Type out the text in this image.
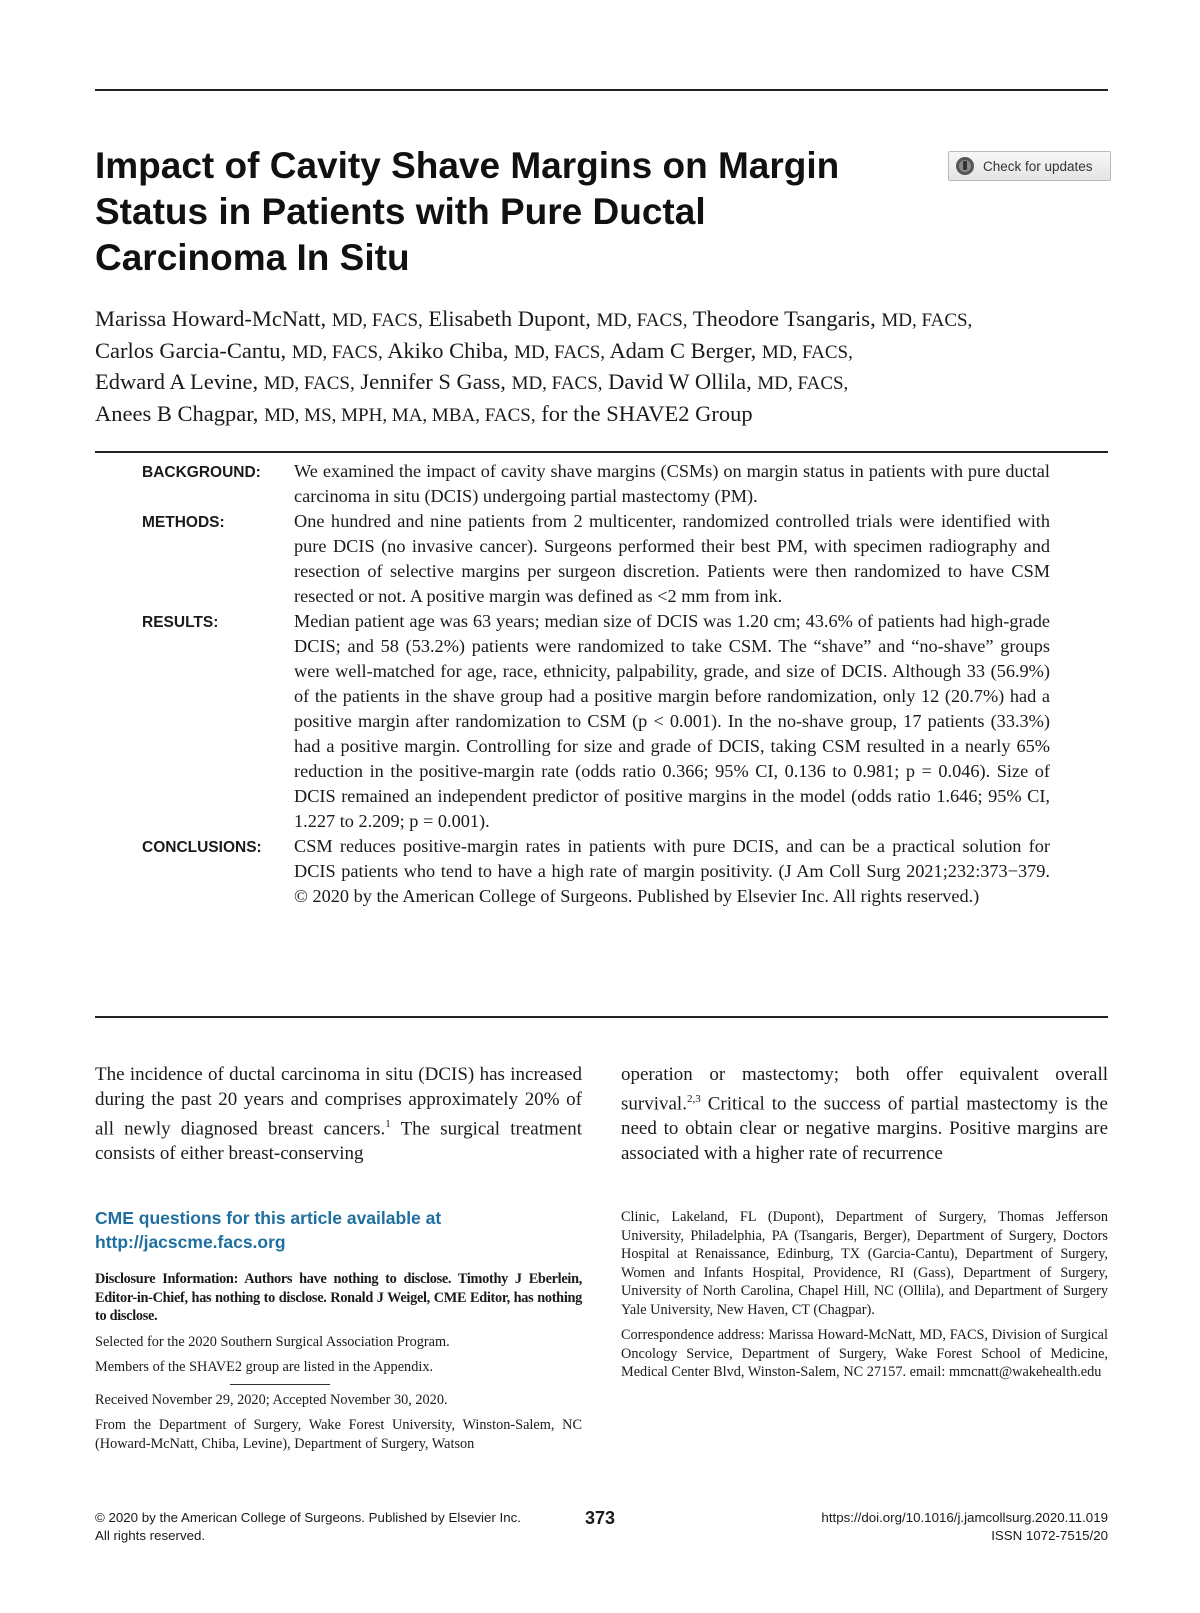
Impact of Cavity Shave Margins on Margin Status in Patients with Pure Ductal Carcinoma In Situ
Check for updates
Marissa Howard-McNatt, MD, FACS, Elisabeth Dupont, MD, FACS, Theodore Tsangaris, MD, FACS,
Carlos Garcia-Cantu, MD, FACS, Akiko Chiba, MD, FACS, Adam C Berger, MD, FACS,
Edward A Levine, MD, FACS, Jennifer S Gass, MD, FACS, David W Ollila, MD, FACS,
Anees B Chagpar, MD, MS, MPH, MA, MBA, FACS, for the SHAVE2 Group
BACKGROUND:	We examined the impact of cavity shave margins (CSMs) on margin status in patients with pure ductal carcinoma in situ (DCIS) undergoing partial mastectomy (PM).
METHODS:	One hundred and nine patients from 2 multicenter, randomized controlled trials were identified with pure DCIS (no invasive cancer). Surgeons performed their best PM, with specimen radiography and resection of selective margins per surgeon discretion. Patients were then randomized to have CSM resected or not. A positive margin was defined as <2 mm from ink.
RESULTS:	Median patient age was 63 years; median size of DCIS was 1.20 cm; 43.6% of patients had high-grade DCIS; and 58 (53.2%) patients were randomized to take CSM. The “shave” and “no-shave” groups were well-matched for age, race, ethnicity, palpability, grade, and size of DCIS. Although 33 (56.9%) of the patients in the shave group had a positive margin before randomization, only 12 (20.7%) had a positive margin after randomization to CSM (p < 0.001). In the no-shave group, 17 patients (33.3%) had a positive margin. Controlling for size and grade of DCIS, taking CSM resulted in a nearly 65% reduction in the positive-margin rate (odds ratio 0.366; 95% CI, 0.136 to 0.981; p = 0.046). Size of DCIS remained an independent predictor of positive margins in the model (odds ratio 1.646; 95% CI, 1.227 to 2.209; p = 0.001).
CONCLUSIONS:	CSM reduces positive-margin rates in patients with pure DCIS, and can be a practical solution for DCIS patients who tend to have a high rate of margin positivity. (J Am Coll Surg 2021;232:373−379. © 2020 by the American College of Surgeons. Published by Elsevier Inc. All rights reserved.)
The incidence of ductal carcinoma in situ (DCIS) has increased during the past 20 years and comprises approximately 20% of all newly diagnosed breast cancers.$^1$ The surgical treatment consists of either breast-conserving
operation or mastectomy; both offer equivalent overall survival.$^{2,3}$ Critical to the success of partial mastectomy is the need to obtain clear or negative margins. Positive margins are associated with a higher rate of recurrence
CME questions for this article available at
http://jacscme.facs.org

Disclosure Information: Authors have nothing to disclose. Timothy J Eberlein, Editor-in-Chief, has nothing to disclose. Ronald J Weigel, CME Editor, has nothing to disclose.

Selected for the 2020 Southern Surgical Association Program.

Members of the SHAVE2 group are listed in the Appendix.

Received November 29, 2020; Accepted November 30, 2020.

From the Department of Surgery, Wake Forest University, Winston-Salem, NC (Howard-McNatt, Chiba, Levine), Department of Surgery, Watson

Clinic, Lakeland, FL (Dupont), Department of Surgery, Thomas Jefferson University, Philadelphia, PA (Tsangaris, Berger), Department of Surgery, Doctors Hospital at Renaissance, Edinburg, TX (Garcia-Cantu), Department of Surgery, Women and Infants Hospital, Providence, RI (Gass), Department of Surgery, University of North Carolina, Chapel Hill, NC (Ollila), and Department of Surgery Yale University, New Haven, CT (Chagpar).

Correspondence address: Marissa Howard-McNatt, MD, FACS, Division of Surgical Oncology Service, Department of Surgery, Wake Forest School of Medicine, Medical Center Blvd, Winston-Salem, NC 27157. email: mmcnatt@wakehealth.edu

© 2020 by the American College of Surgeons. Published by Elsevier Inc.
All rights reserved.
373	https://doi.org/10.1016/j.jamcollsurg.2020.11.019
ISSN 1072-7515/20
